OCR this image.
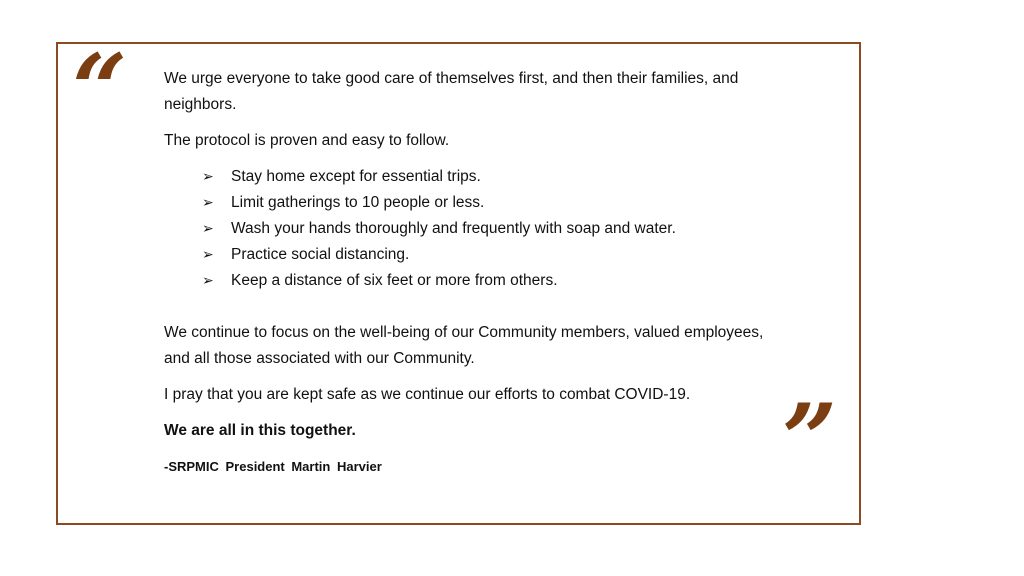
“
”

We urge everyone to take good care of themselves first, and then their families, and neighbors.

The protocol is proven and easy to follow.

➢	Stay home except for essential trips.
➢	Limit gatherings to 10 people or less.
➢	Wash your hands thoroughly and frequently with soap and water.
➢	Practice social distancing.
➢	Keep a distance of six feet or more from others.

We continue to focus on the well-being of our Community members, valued employees, and all those associated with our Community.

I pray that you are kept safe as we continue our efforts to combat COVID-19.

We are all in this together.

-SRPMIC President Martin Harvier
